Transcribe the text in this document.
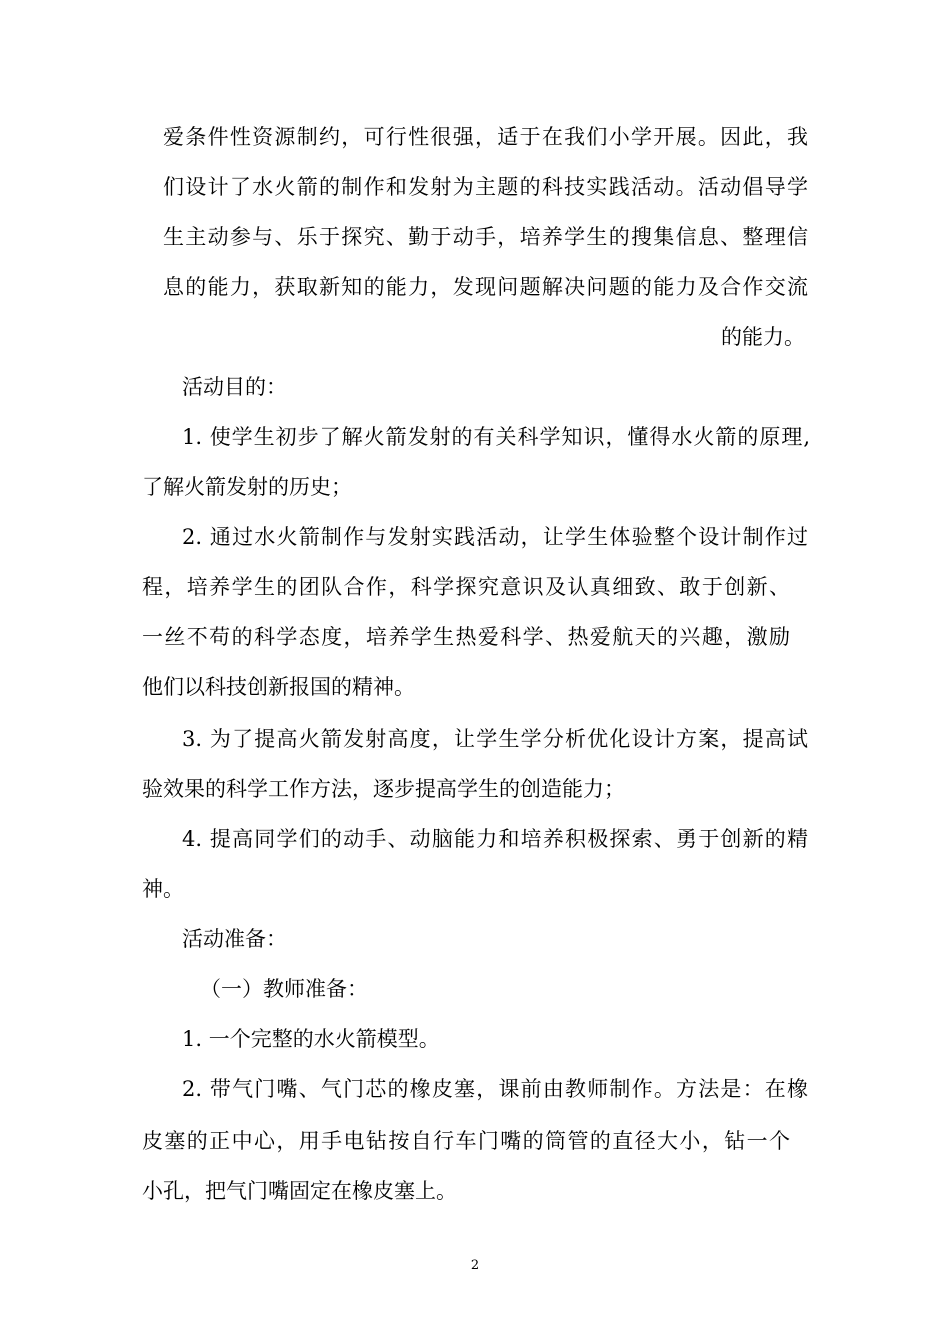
爱条件性资源制约，可行性很强，适于在我们小学开展。因此，我

们设计了水火箭的制作和发射为主题的科技实践活动。活动倡导学

生主动参与、乐于探究、勤于动手，培养学生的搜集信息、整理信

息的能力，获取新知的能力，发现问题解决问题的能力及合作交流

的能力。

活动目的：

1. 使学生初步了解火箭发射的有关科学知识，懂得水火箭的原理,

了解火箭发射的历史；

2. 通过水火箭制作与发射实践活动，让学生体验整个设计制作过

程，培养学生的团队合作，科学探究意识及认真细致、敢于创新、

一丝不苟的科学态度，培养学生热爱科学、热爱航天的兴趣，激励

他们以科技创新报国的精神。

3. 为了提高火箭发射高度，让学生学分析优化设计方案，提高试

验效果的科学工作方法，逐步提高学生的创造能力；

4. 提高同学们的动手、动脑能力和培养积极探索、勇于创新的精

神。

活动准备：

（一）教师准备：

1. 一个完整的水火箭模型。

2. 带气门嘴、气门芯的橡皮塞，课前由教师制作。方法是：在橡

皮塞的正中心，用手电钻按自行车门嘴的筒管的直径大小，钻一个

小孔，把气门嘴固定在橡皮塞上。

2
